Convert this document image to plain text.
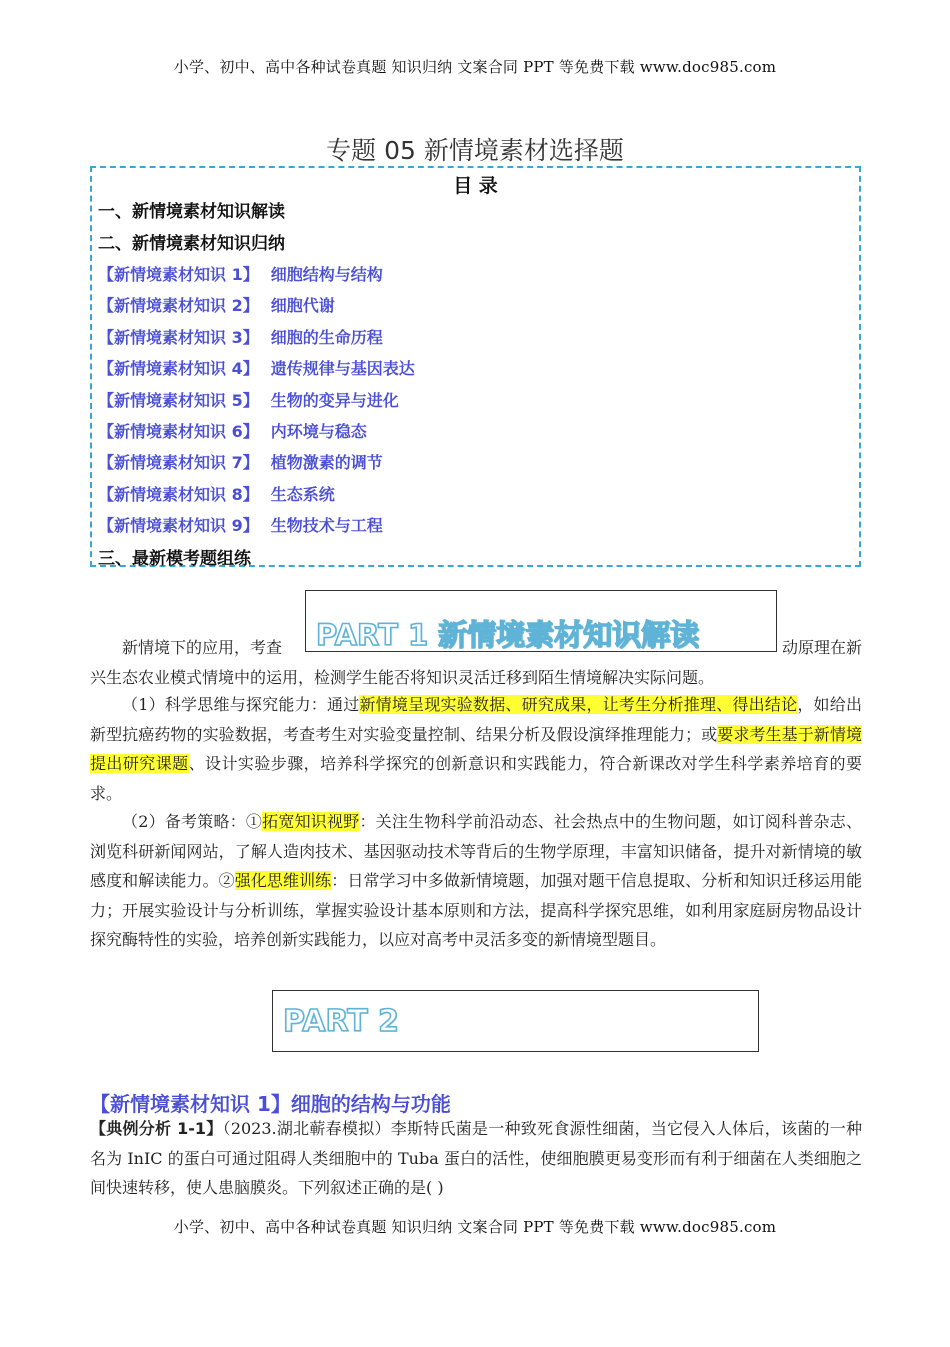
小学、初中、高中各种试卷真题 知识归纳 文案合同 PPT 等免费下载 www.doc985.com
专题 05 新情境素材选择题
目 录
一、新情境素材知识解读
二、新情境素材知识归纳
【新情境素材知识 1】 细胞结构与结构
【新情境素材知识 2】 细胞代谢
【新情境素材知识 3】 细胞的生命历程
【新情境素材知识 4】 遗传规律与基因表达
【新情境素材知识 5】 生物的变异与进化
【新情境素材知识 6】 内环境与稳态
【新情境素材知识 7】 植物激素的调节
【新情境素材知识 8】 生态系统
【新情境素材知识 9】 生物技术与工程
三、最新模考题组练
新情境下的应用，考查	动原理在新
兴生态农业模式情境中的运用，检测学生能否将知识灵活迁移到陌生情境解决实际问题。
PART 1 新情境素材知识解读
（1）科学思维与探究能力：通过新情境呈现实验数据、研究成果，让考生分析推理、得出结论，如给出新型抗癌药物的实验数据，考查考生对实验变量控制、结果分析及假设演绎推理能力；或要求考生基于新情境提出研究课题、设计实验步骤，培养科学探究的创新意识和实践能力，符合新课改对学生科学素养培育的要求。
（2）备考策略：①拓宽知识视野：关注生物科学前沿动态、社会热点中的生物问题，如订阅科普杂志、浏览科研新闻网站，了解人造肉技术、基因驱动技术等背后的生物学原理，丰富知识储备，提升对新情境的敏感度和解读能力。②强化思维训练：日常学习中多做新情境题，加强对题干信息提取、分析和知识迁移运用能力；开展实验设计与分析训练，掌握实验设计基本原则和方法，提高科学探究思维，如利用家庭厨房物品设计探究酶特性的实验，培养创新实践能力，以应对高考中灵活多变的新情境型题目。
PART 2
【新情境素材知识 1】细胞的结构与功能
【典例分析 1-1】（2023.湖北蕲春模拟）李斯特氏菌是一种致死食源性细菌，当它侵入人体后，该菌的一种名为 InIC 的蛋白可通过阻碍人类细胞中的 Tuba 蛋白的活性，使细胞膜更易变形而有利于细菌在人类细胞之间快速转移，使人患脑膜炎。下列叙述正确的是( )
小学、初中、高中各种试卷真题 知识归纳 文案合同 PPT 等免费下载 www.doc985.com
